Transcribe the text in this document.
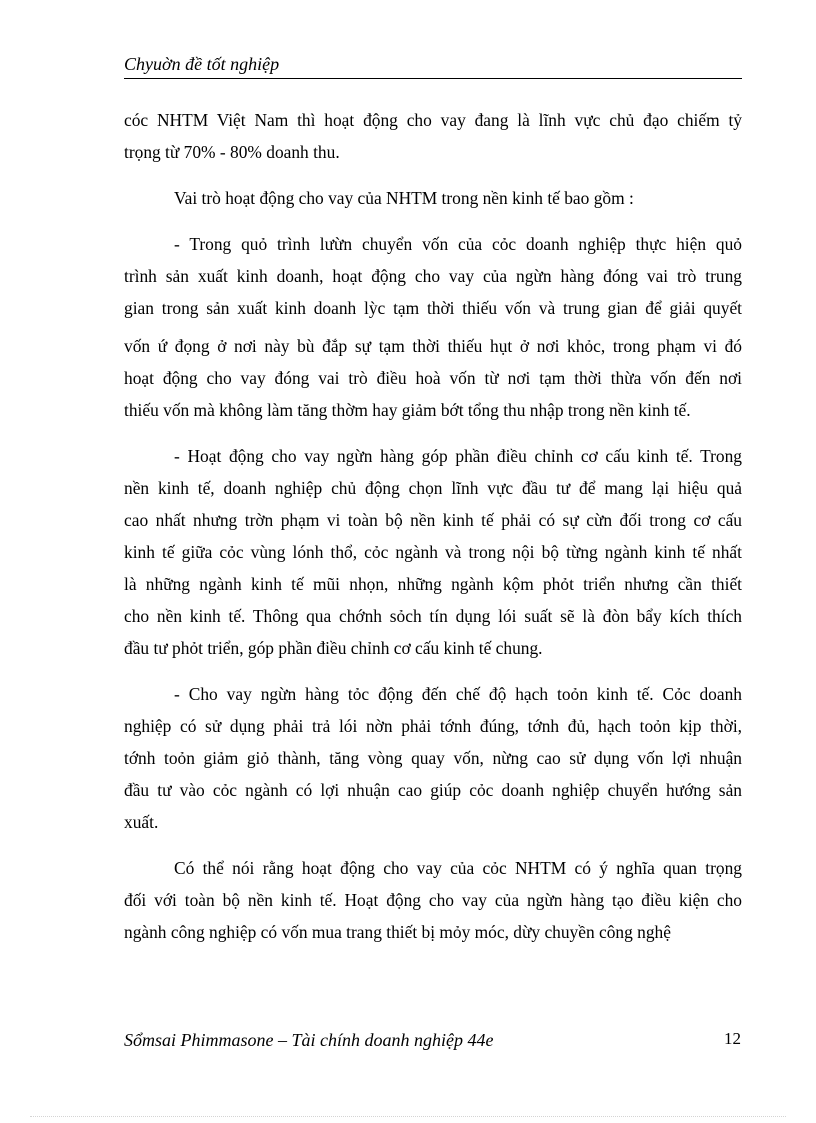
Chyuờn đề tốt nghiệp
cóc NHTM Việt Nam thì hoạt động cho vay đang là lĩnh vực chủ đạo chiếm tỷ
trọng từ 70% - 80% doanh thu.
Vai trò hoạt động cho vay của NHTM trong nền kinh tế bao gồm :
- Trong quỏ trình lưừn chuyển vốn của cỏc doanh nghiệp thực hiện quỏ
trình sản xuất kinh doanh, hoạt động cho vay của ngừn hàng đóng vai trò trung
gian trong sản xuất kinh doanh lỳc tạm thời thiếu vốn và trung gian để giải quyết
vốn ứ đọng ở nơi này bù đắp sự tạm thời thiếu hụt ở nơi khỏc, trong phạm vi đó
hoạt động cho vay đóng vai trò điều hoà vốn từ nơi tạm thời thừa vốn đến nơi
thiếu vốn mà không làm tăng thờm hay giảm bớt tổng thu nhập trong nền kinh tế.
- Hoạt động cho vay ngừn hàng góp phần điều chỉnh cơ cấu kinh tế. Trong
nền kinh tế, doanh nghiệp chủ động chọn lĩnh vực đầu tư để mang lại hiệu quả
cao nhất nhưng trờn phạm vi toàn bộ nền kinh tế phải có sự cừn đối trong cơ cấu
kinh tế giữa cỏc vùng lónh thổ, cỏc ngành và trong nội bộ từng ngành kinh tế nhất
là những ngành kinh tế mũi nhọn, những ngành kộm phỏt triển nhưng cần thiết
cho nền kinh tế. Thông qua chớnh sỏch tín dụng lói suất sẽ là đòn bẩy kích thích
đầu tư phỏt triển, góp phần điều chỉnh cơ cấu kinh tế chung.
- Cho vay ngừn hàng tỏc động đến chế độ hạch toỏn kinh tế. Cỏc doanh
nghiệp có sử dụng phải trả lói nờn phải tớnh đúng, tớnh đủ, hạch toỏn kịp thời,
tớnh toỏn giảm giỏ thành, tăng vòng quay vốn, nừng cao sử dụng vốn lợi nhuận
đầu tư vào cỏc ngành có lợi nhuận cao giúp cỏc doanh nghiệp chuyển hướng sản
xuất.
Có thể nói rằng hoạt động cho vay của cỏc NHTM có ý nghĩa quan trọng
đối với toàn bộ nền kinh tế. Hoạt động cho vay của ngừn hàng tạo điều kiện cho
ngành công nghiệp có vốn mua trang thiết bị mỏy móc, dừy chuyền công nghệ
Sổmsai Phimmasone – Tài chính doanh nghiệp 44e	12
